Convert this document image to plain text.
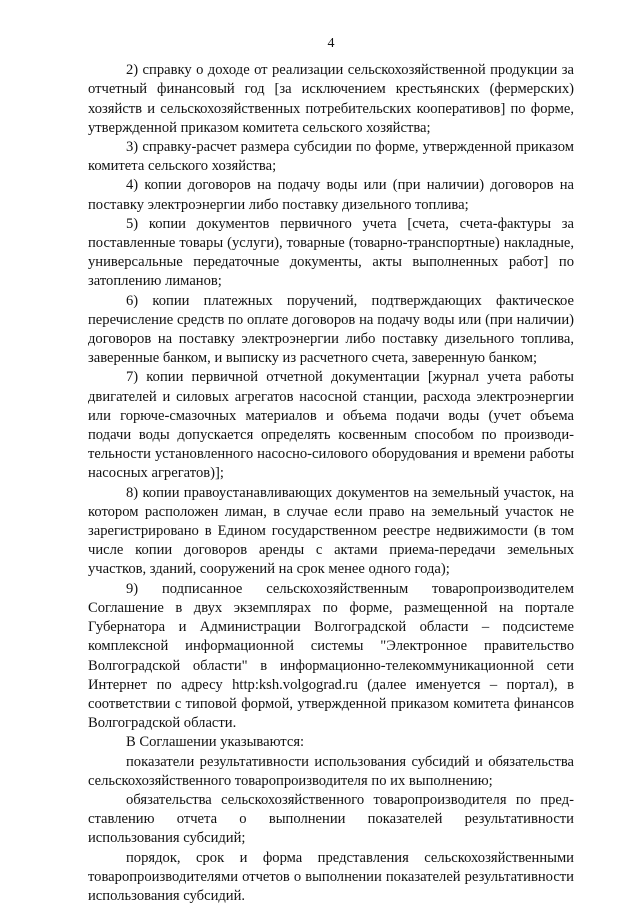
4

2) справку о доходе от реализации сельскохозяйственной продукции за отчетный финансовый год [за исключением крестьянских (фермерских) хозяйств и сельскохозяйственных потребительских кооперативов] по форме, утвержденной приказом комитета сельского хозяйства;

3) справку-расчет размера субсидии по форме, утвержденной приказом комитета сельского хозяйства;

4) копии договоров на подачу воды или (при наличии) договоров на поставку электроэнергии либо поставку дизельного топлива;

5) копии документов первичного учета [счета, счета-фактуры за поставленные товары (услуги), товарные (товарно-транспортные) накладные, универсальные передаточные документы, акты выполненных работ] по затоплению лиманов;

6) копии платежных поручений, подтверждающих фактическое перечисление средств по оплате договоров на подачу воды или (при наличии) договоров на поставку электроэнергии либо поставку дизельного топлива, заверенные банком, и выписку из расчетного счета, заверенную банком;

7) копии первичной отчетной документации [журнал учета работы двигателей и силовых агрегатов насосной станции, расхода электроэнергии или горюче-смазочных материалов и объема подачи воды (учет объема подачи воды допускается определять косвенным способом по производительности установленного насосно-силового оборудования и времени работы насосных агрегатов)];

8) копии правоустанавливающих документов на земельный участок, на котором расположен лиман, в случае если право на земельный участок не зарегистрировано в Едином государственном реестре недвижимости (в том числе копии договоров аренды с актами приема-передачи земельных участков, зданий, сооружений на срок менее одного года);

9) подписанное сельскохозяйственным товаропроизводителем Соглашение в двух экземплярах по форме, размещенной на портале Губернатора и Администрации Волгоградской области – подсистеме комплексной информационной системы "Электронное правительство Волгоградской области" в информационно-телекоммуникационной сети Интернет по адресу http:ksh.volgograd.ru (далее именуется – портал), в соответствии с типовой формой, утвержденной приказом комитета финансов Волгоградской области.

В Соглашении указываются:

показатели результативности использования субсидий и обязательства сельскохозяйственного товаропроизводителя по их выполнению;

обязательства сельскохозяйственного товаропроизводителя по представлению отчета о выполнении показателей результативности использования субсидий;

порядок, срок и форма представления сельскохозяйственными товаропроизводителями отчетов о выполнении показателей результативности использования субсидий.
